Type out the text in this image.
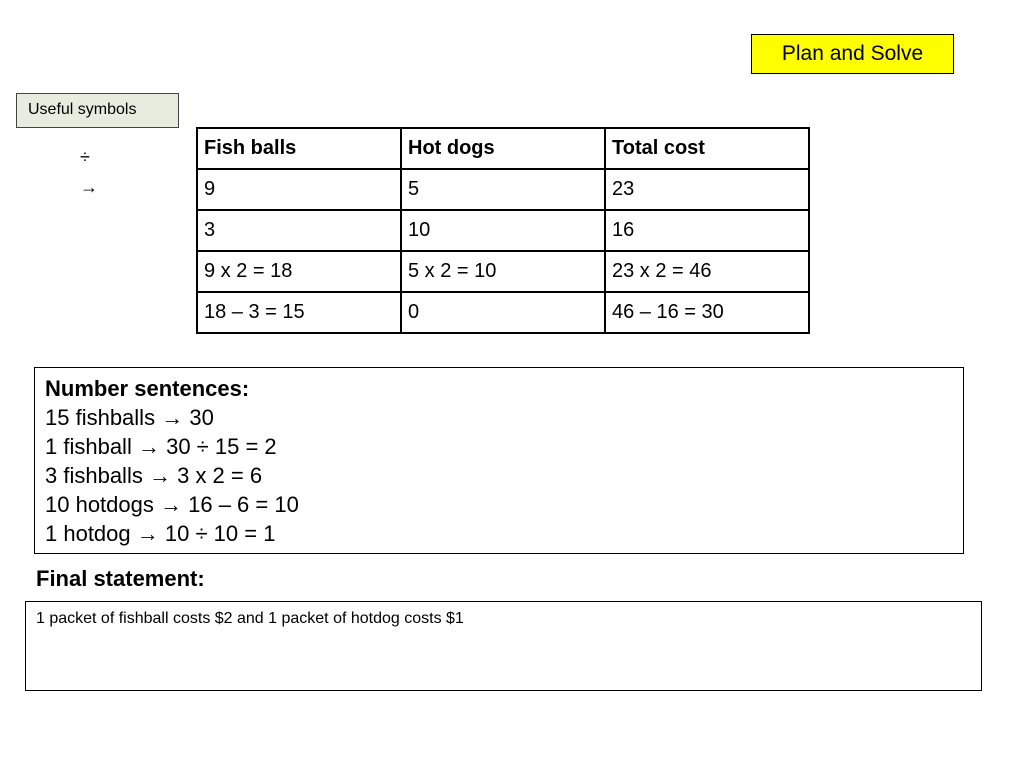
Plan and Solve
Useful symbols
÷
→
Fish balls	Hot dogs	Total cost
9	5	23
3	10	16
9 x 2 = 18	5 x 2 = 10	23 x 2 = 46
18 – 3 = 15	0	46 – 16 = 30
Number sentences:
15 fishballs → 30
1 fishball → 30 ÷ 15 = 2
3 fishballs → 3 x 2 = 6
10 hotdogs → 16 – 6 = 10
1 hotdog → 10 ÷ 10 = 1
Final statement:
1 packet of fishball costs $2 and 1 packet of hotdog costs $1
